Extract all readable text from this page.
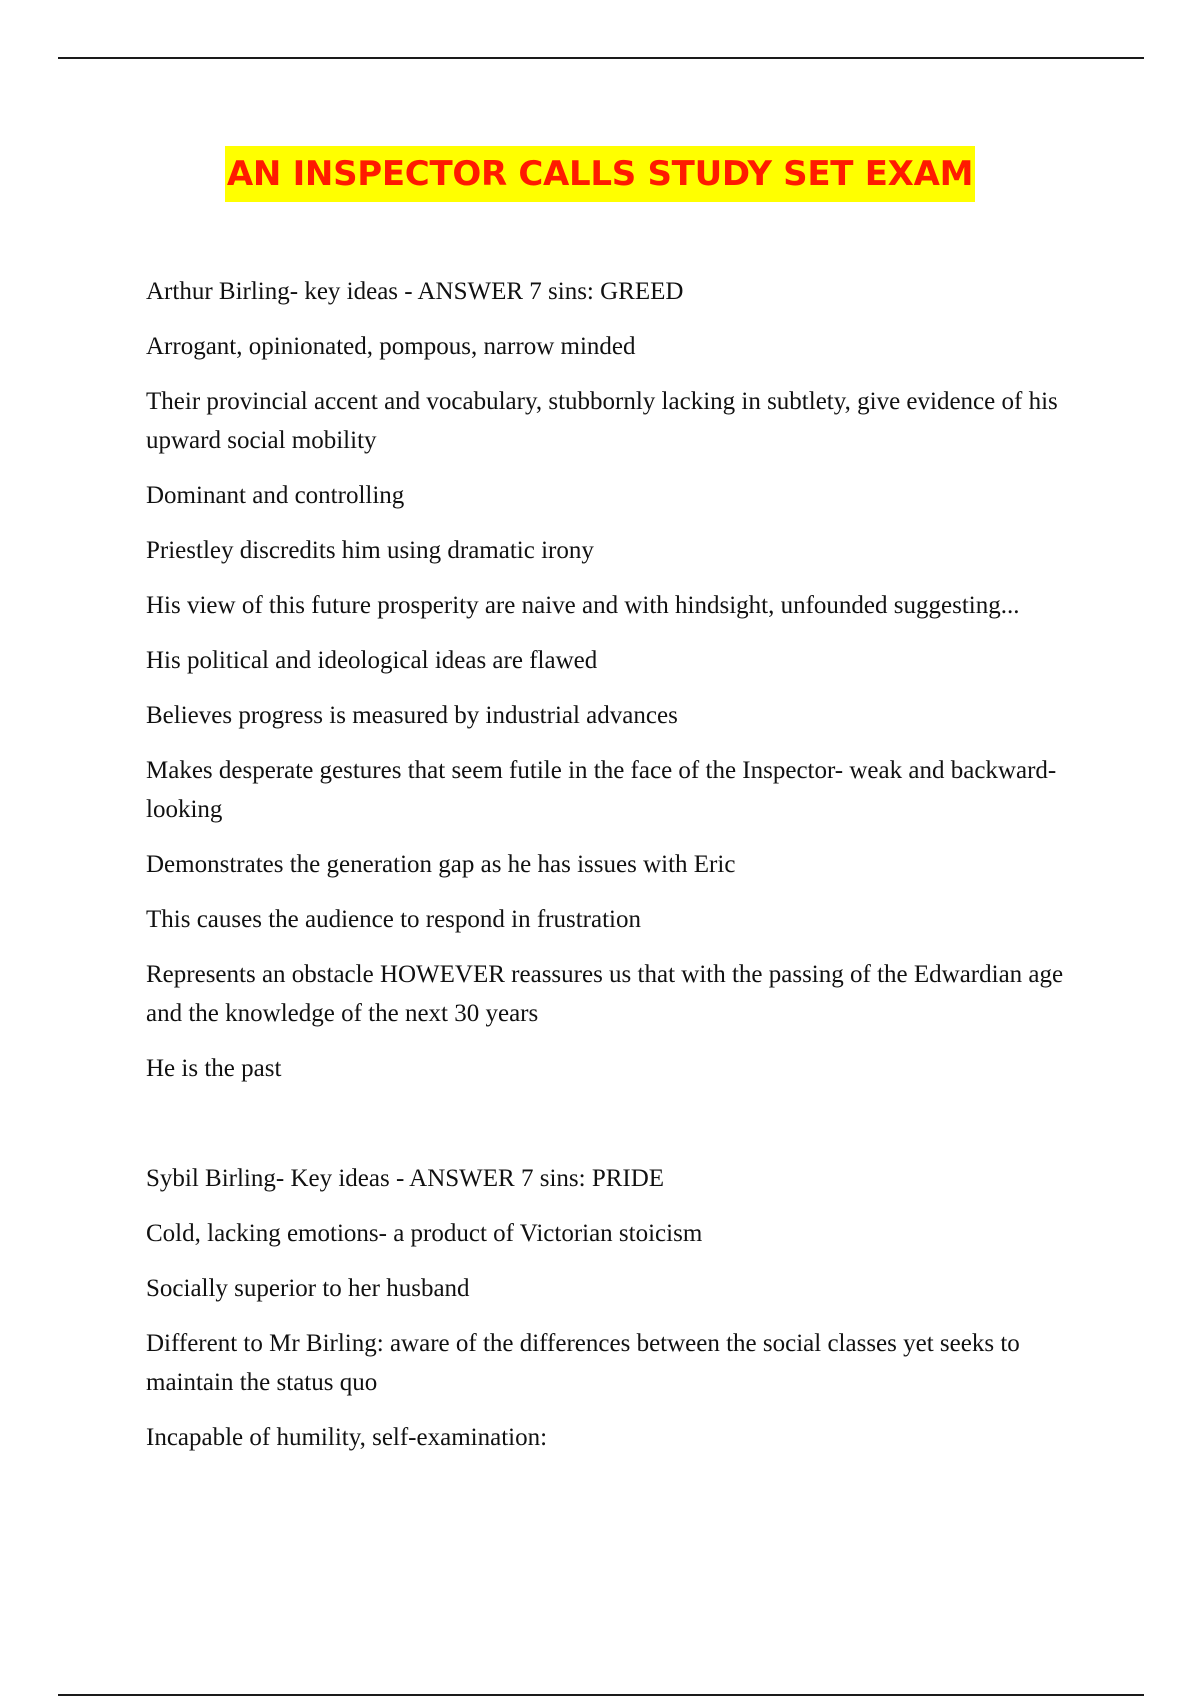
AN INSPECTOR CALLS STUDY SET EXAM

Arthur Birling- key ideas - ANSWER 7 sins: GREED

Arrogant, opinionated, pompous, narrow minded

Their provincial accent and vocabulary, stubbornly lacking in subtlety, give evidence of his upward social mobility

Dominant and controlling

Priestley discredits him using dramatic irony

His view of this future prosperity are naive and with hindsight, unfounded suggesting...

His political and ideological ideas are flawed

Believes progress is measured by industrial advances

Makes desperate gestures that seem futile in the face of the Inspector- weak and backward-looking

Demonstrates the generation gap as he has issues with Eric

This causes the audience to respond in frustration

Represents an obstacle HOWEVER reassures us that with the passing of the Edwardian age and the knowledge of the next 30 years

He is the past

Sybil Birling- Key ideas - ANSWER 7 sins: PRIDE

Cold, lacking emotions- a product of Victorian stoicism

Socially superior to her husband

Different to Mr Birling: aware of the differences between the social classes yet seeks to maintain the status quo

Incapable of humility, self-examination:
